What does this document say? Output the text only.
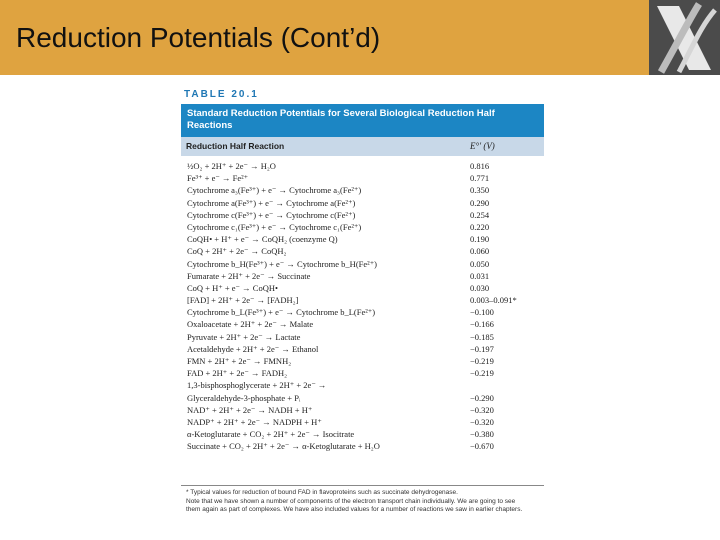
Reduction Potentials (Cont’d)
TABLE 20.1
Standard Reduction Potentials for Several Biological Reduction Half Reactions
Reduction Half Reaction	E°′ (V)
½O₂ + 2H⁺ + 2e⁻ → H₂O	0.816
Fe³⁺ + e⁻ → Fe²⁺	0.771
Cytochrome a₃(Fe³⁺) + e⁻ → Cytochrome a₃(Fe²⁺)	0.350
Cytochrome a(Fe³⁺) + e⁻ → Cytochrome a(Fe²⁺)	0.290
Cytochrome c(Fe³⁺) + e⁻ → Cytochrome c(Fe²⁺)	0.254
Cytochrome c₁(Fe³⁺) + e⁻ → Cytochrome c₁(Fe²⁺)	0.220
CoQH• + H⁺ + e⁻ → CoQH₂ (coenzyme Q)	0.190
CoQ + 2H⁺ + 2e⁻ → CoQH₂	0.060
Cytochrome b_H(Fe³⁺) + e⁻ → Cytochrome b_H(Fe²⁺)	0.050
Fumarate + 2H⁺ + 2e⁻ → Succinate	0.031
CoQ + H⁺ + e⁻ → CoQH•	0.030
[FAD] + 2H⁺ + 2e⁻ → [FADH₂]	0.003–0.091*
Cytochrome b_L(Fe³⁺) + e⁻ → Cytochrome b_L(Fe²⁺)	−0.100
Oxaloacetate + 2H⁺ + 2e⁻ → Malate	−0.166
Pyruvate + 2H⁺ + 2e⁻ → Lactate	−0.185
Acetaldehyde + 2H⁺ + 2e⁻ → Ethanol	−0.197
FMN + 2H⁺ + 2e⁻ → FMNH₂	−0.219
FAD + 2H⁺ + 2e⁻ → FADH₂	−0.219
1,3-bisphosphoglycerate + 2H⁺ + 2e⁻ →
Glyceraldehyde-3-phosphate + Pᵢ	−0.290
NAD⁺ + 2H⁺ + 2e⁻ → NADH + H⁺	−0.320
NADP⁺ + 2H⁺ + 2e⁻ → NADPH + H⁺	−0.320
α-Ketoglutarate + CO₂ + 2H⁺ + 2e⁻ → Isocitrate	−0.380
Succinate + CO₂ + 2H⁺ + 2e⁻ → α-Ketoglutarate + H₂O	−0.670
* Typical values for reduction of bound FAD in flavoproteins such as succinate dehydrogenase.
Note that we have shown a number of components of the electron transport chain individually. We are going to see
them again as part of complexes. We have also included values for a number of reactions we saw in earlier chapters.
